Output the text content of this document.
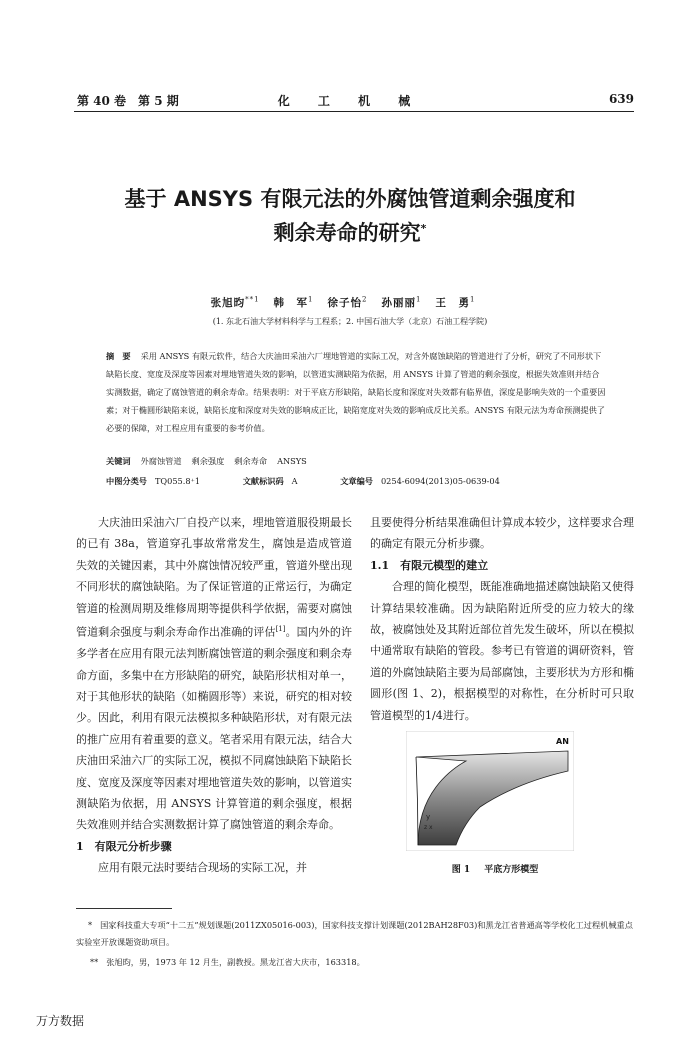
第 40 卷　第 5 期	化 工 机 械	639
基于 ANSYS 有限元法的外腐蚀管道剩余强度和
剩余寿命的研究*
张旭昀$^{**1}$ 韩　军$^1$ 徐子怡$^2$ 孙丽丽$^1$ 王　勇$^1$
(1. 东北石油大学材料科学与工程系；2. 中国石油大学（北京）石油工程学院)
摘　要 采用 ANSYS 有限元软件，结合大庆油田采油六厂埋地管道的实际工况，对含外腐蚀缺陷的管道进行了分析，研究了不同形状下缺陷长度、宽度及深度等因素对埋地管道失效的影响，以管道实测缺陷为依据，用 ANSYS 计算了管道的剩余强度，根据失效准则并结合实测数据，确定了腐蚀管道的剩余寿命。结果表明：对于平底方形缺陷，缺陷长度和深度对失效都有临界值，深度是影响失效的一个重要因素；对于椭圆形缺陷来说，缺陷长度和深度对失效的影响成正比，缺陷宽度对失效的影响成反比关系。ANSYS 有限元法为寿命预测提供了必要的保障，对工程应用有重要的参考价值。
关键词 外腐蚀管道 剩余强度 剩余寿命 ANSYS
中图分类号 TQ055.8⁺1	文献标识码 A	文章编号 0254-6094(2013)05-0639-04

大庆油田采油六厂自投产以来，埋地管道服役期最长的已有 38a，管道穿孔事故常常发生，腐蚀是造成管道失效的关键因素，其中外腐蚀情况较严重，管道外壁出现不同形状的腐蚀缺陷。为了保证管道的正常运行，为确定管道的检测周期及维修周期等提供科学依据，需要对腐蚀管道剩余强度与剩余寿命作出准确的评估[1]。国内外的许多学者在应用有限元法判断腐蚀管道的剩余强度和剩余寿命方面，多集中在方形缺陷的研究，缺陷形状相对单一，对于其他形状的缺陷（如椭圆形等）来说，研究的相对较少。因此，利用有限元法模拟多种缺陷形状，对有限元法的推广应用有着重要的意义。笔者采用有限元法，结合大庆油田采油六厂的实际工况，模拟不同腐蚀缺陷下缺陷长度、宽度及深度等因素对埋地管道失效的影响，以管道实测缺陷为依据，用 ANSYS 计算管道的剩余强度，根据失效准则并结合实测数据计算了腐蚀管道的剩余寿命。

1　有限元分析步骤

应用有限元法时要结合现场的实际工况，并

且要使得分析结果准确但计算成本较少，这样要求合理的确定有限元分析步骤。

1.1　有限元模型的建立

合理的简化模型，既能准确地描述腐蚀缺陷又使得计算结果较准确。因为缺陷附近所受的应力较大的缘故，被腐蚀处及其附近部位首先发生破坏，所以在模拟中通常取有缺陷的管段。参考已有管道的调研资料，管道的外腐蚀缺陷主要为局部腐蚀，主要形状为方形和椭圆形(图 1、2)，根据模型的对称性，在分析时可只取管道模型的1/4进行。

AN
y
z x
图 1 平底方形模型
* 国家科技重大专项“十二五”规划课题(2011ZX05016-003)，国家科技支撑计划课题(2012BAH28F03)和黑龙江省普通高等学校化工过程机械重点实验室开放课题资助项目。
** 张旭昀，男，1973 年 12 月生，副教授。黑龙江省大庆市，163318。
万方数据
